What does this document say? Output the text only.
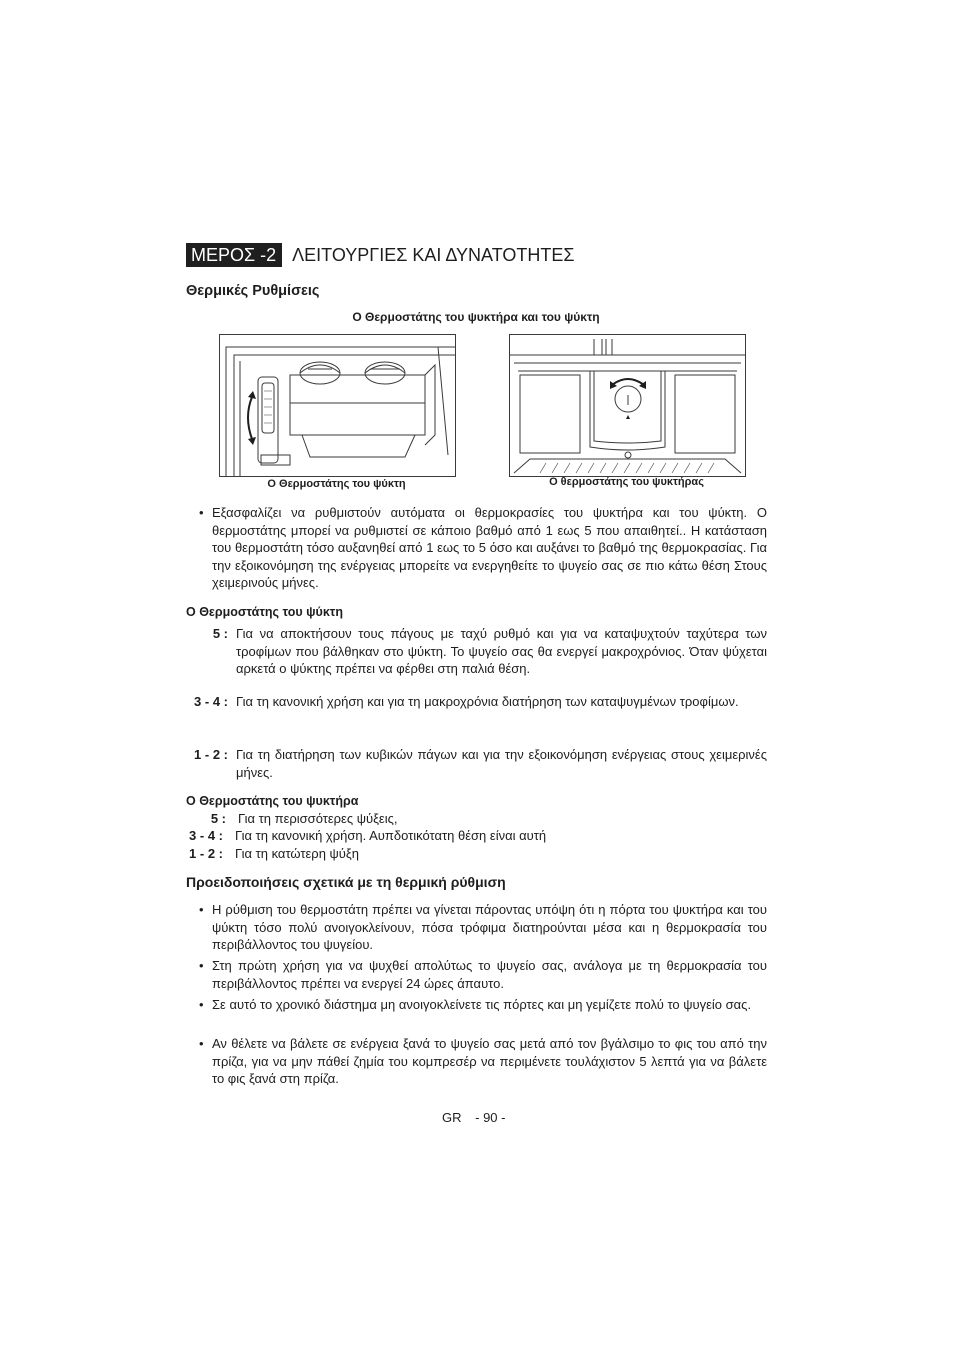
ΜΕΡΟΣ -2 ΛΕΙΤΟΥΡΓΙΕΣ ΚΑΙ ΔΥΝΑΤΟΤΗΤΕΣ
Θερμικές Ρυθμίσεις
Ο Θερμοστάτης του ψυκτήρα και του ψύκτη
Ο Θερμοστάτης του ψύκτη	Ο θερμοστάτης του ψυκτήρας
• Εξασφαλίζει να ρυθμιστούν αυτόματα οι θερμοκρασίες του ψυκτήρα και του ψύκτη. Ο θερμοστάτης μπορεί να ρυθμιστεί σε κάποιο βαθμό από 1 εως 5 που απαιθητεί.. Η κατάσταση του θερμοστάτη τόσο αυξανηθεί από 1 εως το 5 όσο και αυξάνει το βαθμό της θερμοκρασίας. Για την εξοικονόμηση της ενέργειας μπορείτε να ενεργηθείτε το ψυγείο σας σε πιο κάτω θέση Στους χειμερινούς μήνες.
Ο Θερμοστάτης του ψύκτη
5 : Για να αποκτήσουν τους πάγους με ταχύ ρυθμό και για να καταψυχτούν ταχύτερα των τροφίμων που βάλθηκαν στο ψύκτη. Το ψυγείο σας θα ενεργεί μακροχρόνιος. Όταν ψύχεται αρκετά ο ψύκτης πρέπει να φέρθει στη παλιά θέση.
3 - 4 : Για τη κανονική χρήση και για τη μακροχρόνια διατήρηση των καταψυγμένων τροφίμων.
1 - 2 : Για τη διατήρηση των κυβικών πάγων και για την εξοικονόμηση ενέργειας στους χειμερινές μήνες.
Ο Θερμοστάτης του ψυκτήρα
5 : Για τη περισσότερες ψύξεις,
3 - 4 : Για τη κανονική χρήση. Αυπδοτικότατη θέση είναι αυτή
1 - 2 : Για τη κατώτερη ψύξη
Προειδοποιήσεις σχετικά με τη θερμική ρύθμιση
• Η ρύθμιση του θερμοστάτη πρέπει να γίνεται πάροντας υπόψη ότι η πόρτα του ψυκτήρα και του ψύκτη τόσο πολύ ανοιγοκλείνουν, πόσα τρόφιμα διατηρούνται μέσα και η θερμοκρασία του περιβάλλοντος του ψυγείου.
• Στη πρώτη χρήση για να ψυχθεί απολύτως το ψυγείο σας, ανάλογα με τη θερμοκρασία του περιβάλλοντος πρέπει να ενεργεί 24 ώρες άπαυτο.
• Σε αυτό το χρονικό διάστημα μη ανοιγοκλείνετε τις πόρτες και μη γεμίζετε πολύ το ψυγείο σας.
• Αν θέλετε να βάλετε σε ενέργεια ξανά το ψυγείο σας μετά από τον βγάλσιμο το φις του από την πρίζα, για να μην πάθεί ζημία του κομπρεσέρ να περιμένετε τουλάχιστον 5 λεπτά για να βάλετε το φις ξανά στη πρίζα.
GR - 90 -
